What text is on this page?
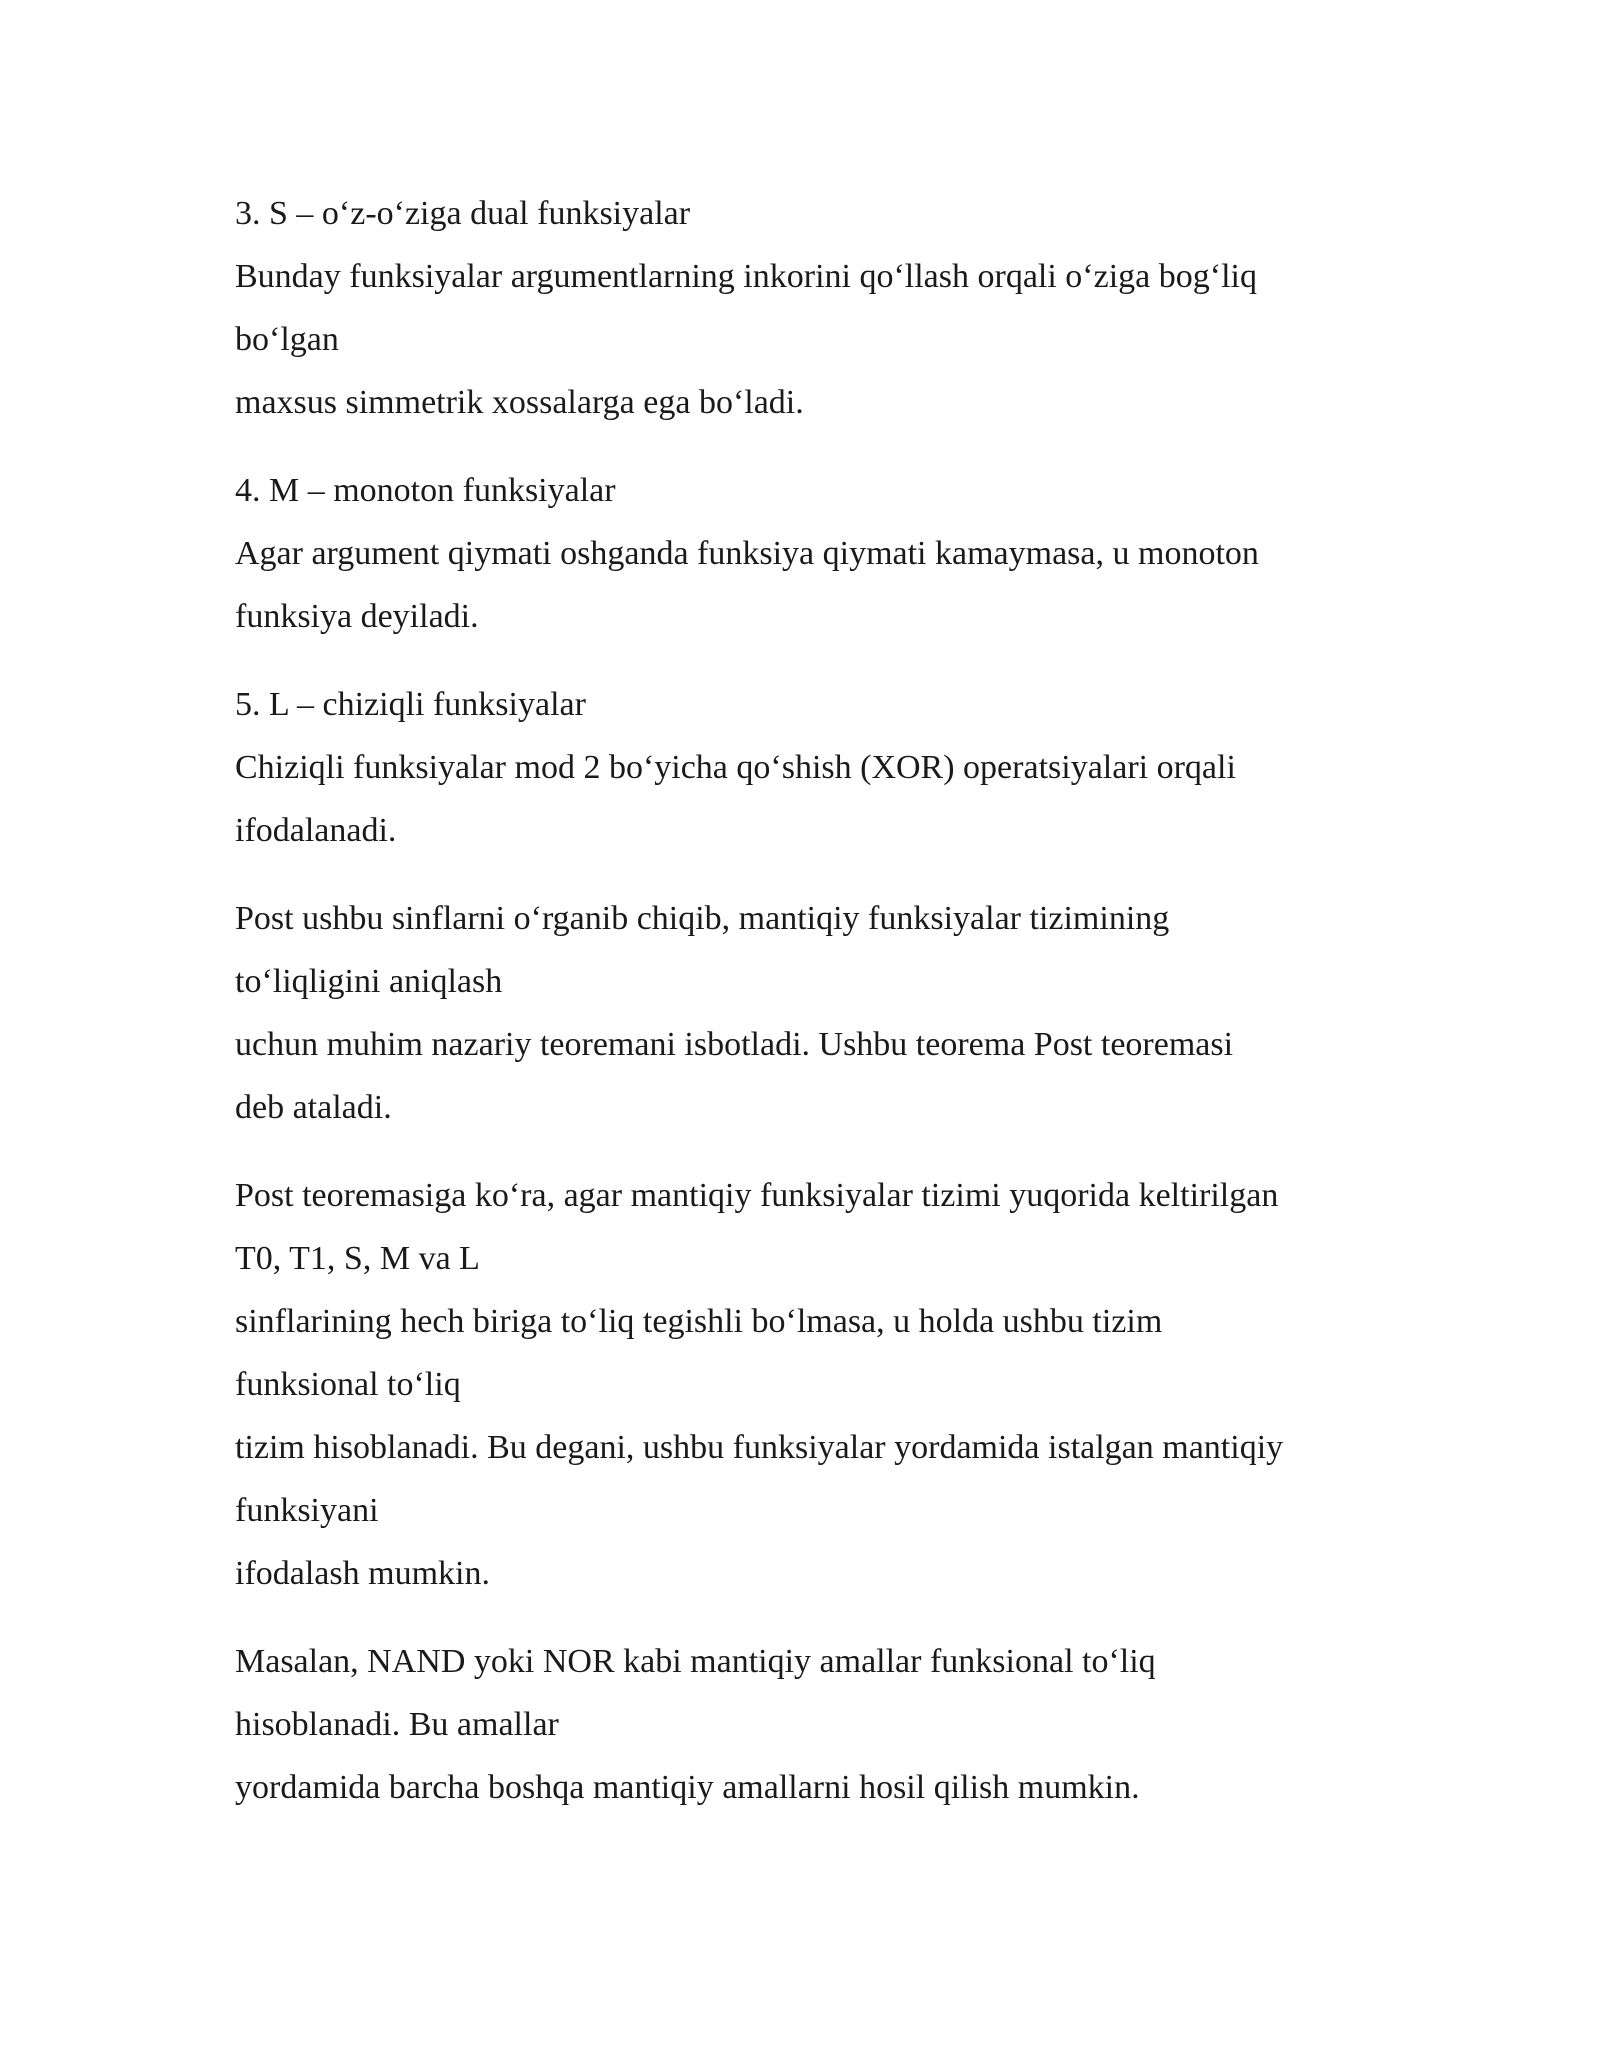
3. S – o‘z-o‘ziga dual funksiyalar
Bunday funksiyalar argumentlarning inkorini qo‘llash orqali o‘ziga bog‘liq
bo‘lgan
maxsus simmetrik xossalarga ega bo‘ladi.

4. M – monoton funksiyalar
Agar argument qiymati oshganda funksiya qiymati kamaymasa, u monoton
funksiya deyiladi.

5. L – chiziqli funksiyalar
Chiziqli funksiyalar mod 2 bo‘yicha qo‘shish (XOR) operatsiyalari orqali
ifodalanadi.

Post ushbu sinflarni o‘rganib chiqib, mantiqiy funksiyalar tizimining
to‘liqligini aniqlash
uchun muhim nazariy teoremani isbotladi. Ushbu teorema Post teoremasi
deb ataladi.

Post teoremasiga ko‘ra, agar mantiqiy funksiyalar tizimi yuqorida keltirilgan
T0, T1, S, M va L
sinflarining hech biriga to‘liq tegishli bo‘lmasa, u holda ushbu tizim
funksional to‘liq
tizim hisoblanadi. Bu degani, ushbu funksiyalar yordamida istalgan mantiqiy
funksiyani
ifodalash mumkin.

Masalan, NAND yoki NOR kabi mantiqiy amallar funksional to‘liq
hisoblanadi. Bu amallar
yordamida barcha boshqa mantiqiy amallarni hosil qilish mumkin.
